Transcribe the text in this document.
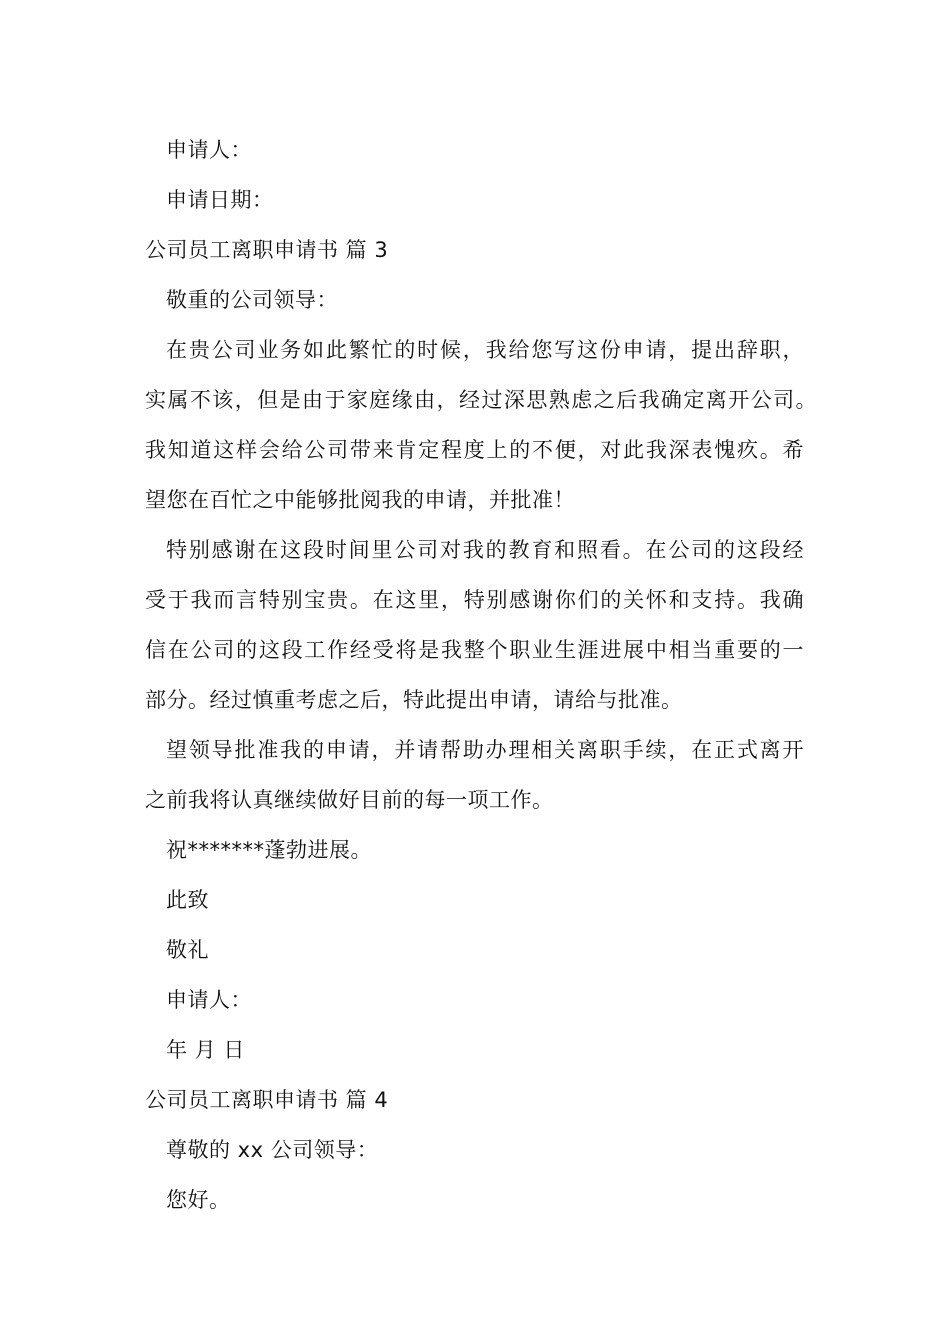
申请人：
申请日期：
公司员工离职申请书 篇 3
敬重的公司领导：
在贵公司业务如此繁忙的时候，我给您写这份申请，提出辞职，
实属不该，但是由于家庭缘由，经过深思熟虑之后我确定离开公司。
我知道这样会给公司带来肯定程度上的不便，对此我深表愧疚。希
望您在百忙之中能够批阅我的申请，并批准！
特别感谢在这段时间里公司对我的教育和照看。在公司的这段经
受于我而言特别宝贵。在这里，特别感谢你们的关怀和支持。我确
信在公司的这段工作经受将是我整个职业生涯进展中相当重要的一
部分。经过慎重考虑之后，特此提出申请，请给与批准。
望领导批准我的申请，并请帮助办理相关离职手续，在正式离开
之前我将认真继续做好目前的每一项工作。
祝*******蓬勃进展。
此致
敬礼
申请人：
年 月 日
公司员工离职申请书 篇 4
尊敬的 xx 公司领导：
您好。
